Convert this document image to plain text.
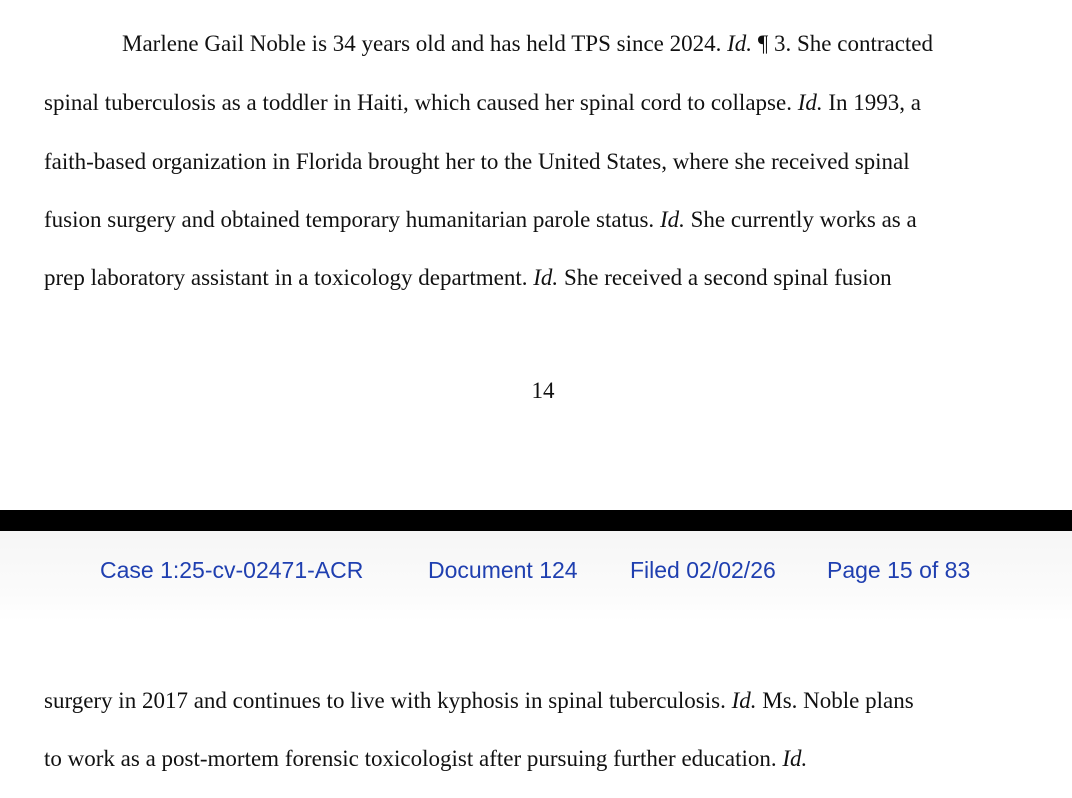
Marlene Gail Noble is 34 years old and has held TPS since 2024. Id. ¶ 3. She contracted
spinal tuberculosis as a toddler in Haiti, which caused her spinal cord to collapse. Id. In 1993, a
faith-based organization in Florida brought her to the United States, where she received spinal
fusion surgery and obtained temporary humanitarian parole status. Id. She currently works as a
prep laboratory assistant in a toxicology department. Id. She received a second spinal fusion
14
Case 1:25-cv-02471-ACR	Document 124 Filed 02/02/26 Page 15 of 83
surgery in 2017 and continues to live with kyphosis in spinal tuberculosis. Id. Ms. Noble plans
to work as a post-mortem forensic toxicologist after pursuing further education. Id.
